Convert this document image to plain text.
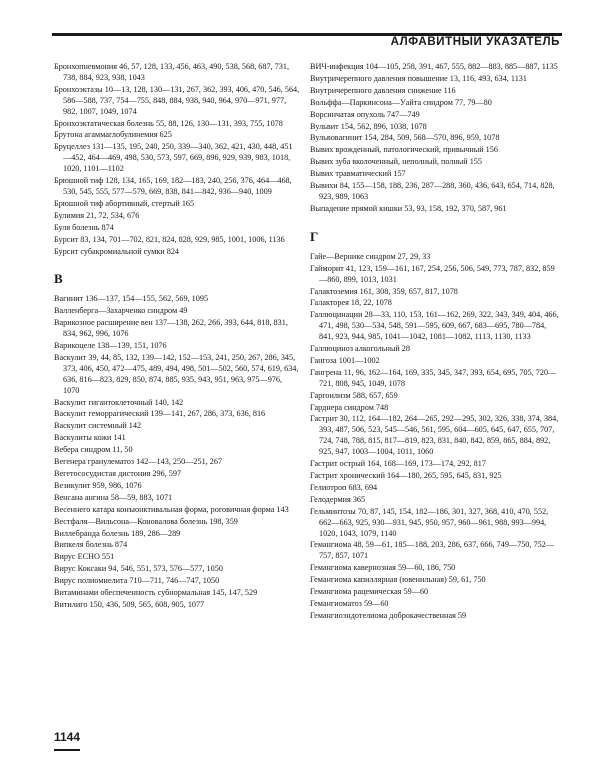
АЛФАВИТНЫЙ УКАЗАТЕЛЬ
Бронхопневмония 46, 57, 128, 133, 456, 463, 490, 538, 568, 687, 731, 738, 884, 923, 938, 1043
Бронхоэктазы 10—13, 128, 130—131, 267, 362, 393, 406, 470, 546, 564, 586—588, 737, 754—755, 848, 884, 938, 940, 964, 970—971, 977, 982, 1007, 1049, 1074
Бронхоэктатическая болезнь 55, 88, 126, 130—131, 393, 755, 1078
Брутона агаммаглобулинемия 625
Бруцеллез 131—135, 195, 240, 250, 339—340, 362, 421, 430, 448, 451—452, 464—469, 498, 530, 573, 597, 669, 896, 929, 939, 983, 1018, 1020, 1101—1102
Брюшной тиф 128, 134, 165, 169, 182—183, 240, 256, 376, 464—468, 530, 545, 555, 577—579, 669, 838, 841—842, 936—940, 1009
Брюшной тиф абортивный, стертый 165
Булимия 21, 72, 534, 676
Буля болезнь 874
Бурсит 83, 134, 701—702, 821, 824, 828, 929, 985, 1001, 1006, 1136
Бурсит субакромиальной сумки 824
В
Вагинит 136—137, 154—155, 562, 569, 1095
Валленберга—Захарченко синдром 49
Варикозное расширение вен 137—138, 262, 266, 393, 644, 818, 831, 834, 962, 996, 1076
Варикоцеле 138—139, 151, 1076
Васкулит 39, 44, 85, 132, 139—142, 152—153, 241, 250, 267, 286, 345, 373, 406, 450, 472—475, 489, 494, 498, 501—502, 560, 574, 619, 634, 636, 816—823, 829, 850, 874, 885, 935, 943, 951, 963, 975—976, 1070
Васкулит гигантоклеточный 140, 142
Васкулит геморрагический 139—141, 267, 286, 373, 636, 816
Васкулит системный 142
Васкулиты кожи 141
Вебера синдром 11, 50
Вегенера гранулематоз 142—143, 250—251, 267
Вегетососудистая дистония 296, 597
Везикулит 959, 986, 1076
Венсана ангина 58—59, 883, 1071
Весеннего катара конъюнктивальная форма, роговичная форма 143
Вестфаля—Вильсона—Коновалова болезнь 198, 359
Виллебранда болезнь 189, 286—289
Випкеля болезнь 874
Вирус ECHO 551
Вирус Коксаки 94, 546, 551, 573, 576—577, 1050
Вирус полиомиелита 710—711, 746—747, 1050
Витаминами обеспеченность субнормальная 145, 147, 529
Витилиго 150, 436, 509, 565, 608, 905, 1077
ВИЧ-инфекция 104—105, 258, 391, 467, 555, 882—883, 885—887, 1135
Внутричерепного давления повышение 13, 116, 493, 634, 1131
Внутричерепного давления снижение 116
Вольффа—Паркинсона—Уайта синдром 77, 79—80
Ворсинчатая опухоль 747—749
Вульвит 154, 562, 896, 1038, 1078
Вульвовагинит 154, 284, 509, 568—570, 896, 959, 1078
Вывих врожденный, патологический, привычный 156
Вывих зуба вколоченный, неполный, полный 155
Вывих травматический 157
Вывихи 84, 155—158, 188, 236, 287—288, 360, 436, 643, 654, 714, 828, 923, 989, 1063
Выпадение прямой кишки 53, 93, 158, 192, 370, 587, 961
Г
Гайе—Вернике синдром 27, 29, 33
Гайморит 41, 123, 159—161, 167, 254, 256, 506, 549, 773, 787, 832, 859—860, 899, 1013, 1031
Галактоземия 161, 308, 359, 657, 817, 1078
Галакторея 18, 22, 1078
Галлюцинации 28—33, 110, 153, 161—162, 269, 322, 343, 349, 404, 466, 471, 498, 530—534, 548, 591—595, 609, 667, 683—695, 780—784, 841, 923, 944, 985, 1041—1042, 1081—1082, 1113, 1130, 1133
Галлюциноз алкогольный 28
Гангоза 1001—1002
Гангрена 11, 96, 162—164, 169, 335, 345, 347, 393, 654, 695, 705, 720—721, 808, 945, 1049, 1078
Гаргоилизм 588, 657, 659
Гарднера синдром 748
Гастрит 30, 112, 164—182, 264—265, 292—295, 302, 326, 338, 374, 384, 393, 487, 506, 523, 545—546, 561, 595, 604—605, 645, 647, 655, 707, 724, 748, 788, 815, 817—819, 823, 831, 840, 842, 859, 865, 884, 892, 925, 947, 1003—1004, 1011, 1060
Гастрит острый 164, 168—169, 173—174, 292, 817
Гастрит хронический 164—180, 265, 595, 645, 831, 925
Гелиотроп 683, 694
Гелодермия 365
Гельминтозы 70, 87, 145, 154, 182—186, 301, 327, 368, 410, 470, 552, 662—663, 925, 930—931, 945, 950, 957, 960—961, 988, 993—994, 1020, 1043, 1079, 1140
Гемангиома 48, 59—61, 185—188, 203, 286, 637, 666, 749—750, 752—757, 857, 1071
Гемангиома кавернозная 59—60, 186, 750
Гемангиома капиллярная (ювенильная) 59, 61, 750
Гемангиома рацемическая 59—60
Гемангиоматоз 59—60
Гемангиоэндотелиома доброкачественная 59
1144
